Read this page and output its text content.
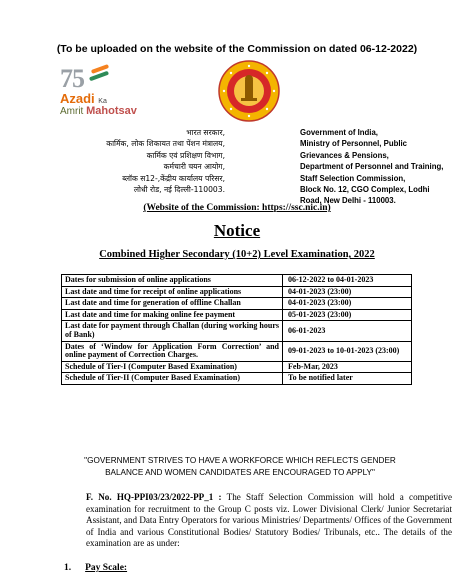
(To be uploaded on the website of the Commission on dated 06-12-2022)
75
Azadi Ka
Amrit Mahotsav
भारत सरकार,
कार्मिक, लोक शिकायत तथा पेंशन मंत्रालय,
कार्मिक एवं प्रशिक्षण विभाग,
कर्मचारी चयन आयोग,
ब्लॉक स12-,केंद्रीय कार्यालय परिसर,
लोधी रोड, नई दिल्ली-110003.
Government of India,
Ministry of Personnel, Public
Grievances & Pensions,
Department of Personnel and Training,
Staff Selection Commission,
Block No. 12, CGO Complex, Lodhi
Road, New Delhi - 110003.
(Website of the Commission: https://ssc.nic.in)
Notice
Combined Higher Secondary (10+2) Level Examination, 2022
Dates for submission of online applications	06-12-2022 to 04-01-2023
Last date and time for receipt of online applications	04-01-2023 (23:00)
Last date and time for generation of offline Challan	04-01-2023 (23:00)
Last date and time for making online fee payment	05-01-2023 (23:00)
Last date for payment through Challan (during working hours of Bank)	06-01-2023
Dates of ‘Window for Application Form Correction’ and online payment of Correction Charges.	09-01-2023 to 10-01-2023 (23:00)
Schedule of Tier-I (Computer Based Examination)	Feb-Mar, 2023
Schedule of Tier-II (Computer Based Examination)	To be notified later
"GOVERNMENT STRIVES TO HAVE A WORKFORCE WHICH REFLECTS GENDER BALANCE AND WOMEN CANDIDATES ARE ENCOURAGED TO APPLY"
F. No. HQ-PPI03/23/2022-PP_1 : The Staff Selection Commission will hold a competitive examination for recruitment to the Group C posts viz. Lower Divisional Clerk/ Junior Secretariat Assistant, and Data Entry Operators for various Ministries/ Departments/ Offices of the Government of India and various Constitutional Bodies/ Statutory Bodies/ Tribunals, etc.. The details of the examination are as under:
1. Pay Scale:
